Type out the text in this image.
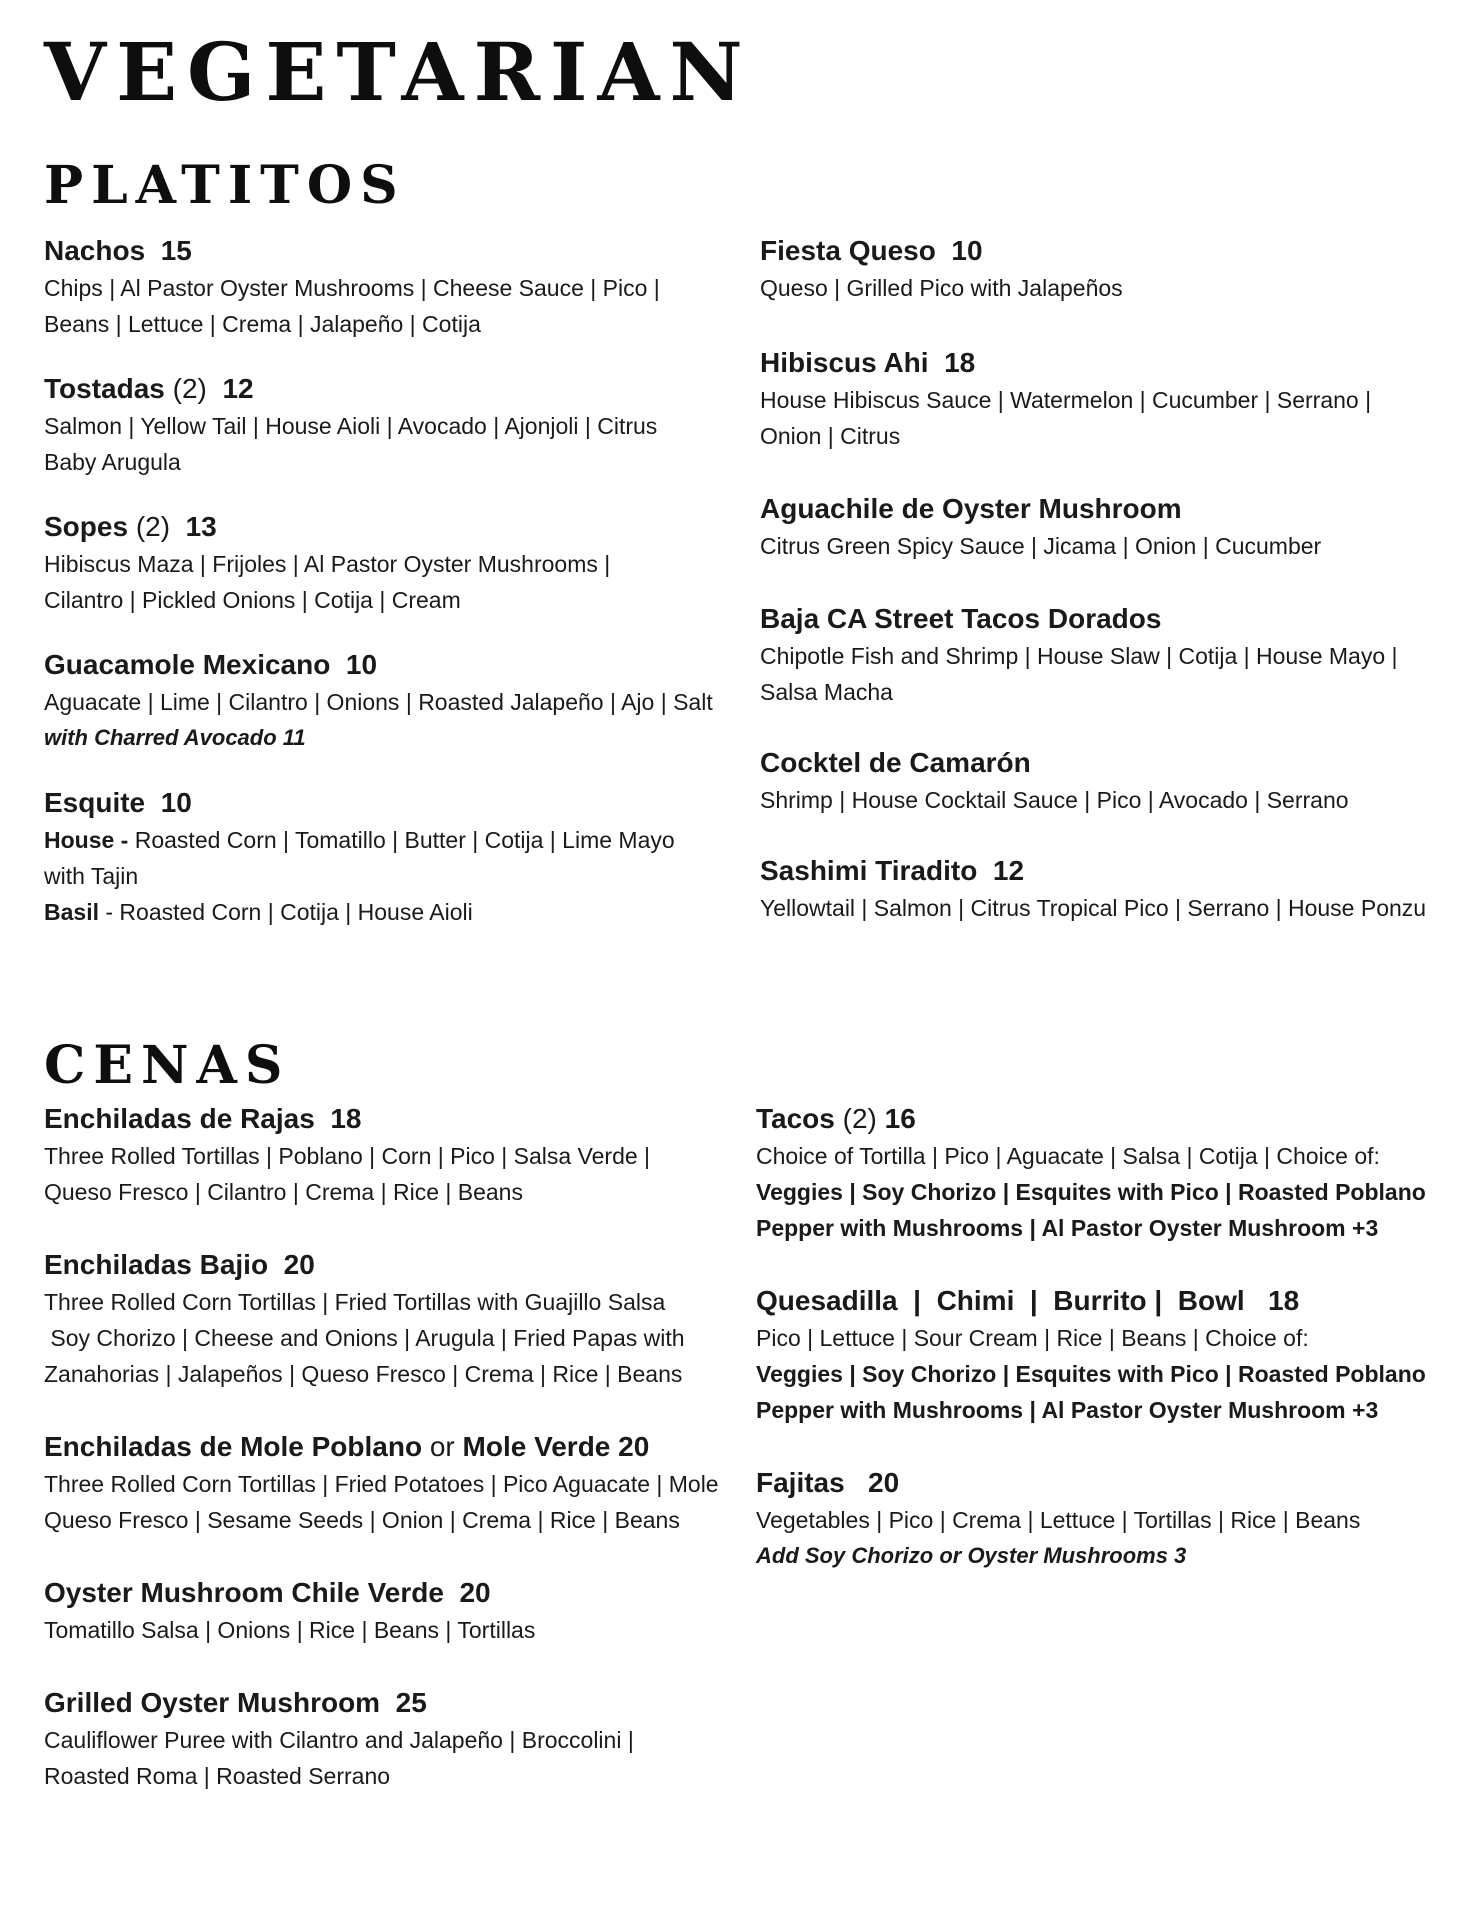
VEGETARIAN
PLATITOS

Nachos 15

Chips | Al Pastor Oyster Mushrooms | Cheese Sauce | Pico |

Beans | Lettuce | Crema | Jalapeño | Cotija

Tostadas (2) 12

Salmon | Yellow Tail | House Aioli | Avocado | Ajonjoli | Citrus

Baby Arugula

Sopes (2) 13

Hibiscus Maza | Frijoles | Al Pastor Oyster Mushrooms |

Cilantro | Pickled Onions | Cotija | Cream

Guacamole Mexicano 10

Aguacate | Lime | Cilantro | Onions | Roasted Jalapeño | Ajo | Salt

with Charred Avocado 11

Esquite 10

House - Roasted Corn | Tomatillo | Butter | Cotija | Lime Mayo

with Tajin

Basil - Roasted Corn | Cotija | House Aioli

Fiesta Queso 10

Queso | Grilled Pico with Jalapeños

Hibiscus Ahi 18

House Hibiscus Sauce | Watermelon | Cucumber | Serrano |

Onion | Citrus

Aguachile de Oyster Mushroom

Citrus Green Spicy Sauce | Jicama | Onion | Cucumber

Baja CA Street Tacos Dorados

Chipotle Fish and Shrimp | House Slaw | Cotija | House Mayo |

Salsa Macha

Cocktel de Camarón

Shrimp | House Cocktail Sauce | Pico | Avocado | Serrano

Sashimi Tiradito 12

Yellowtail | Salmon | Citrus Tropical Pico | Serrano | House Ponzu

CENAS

Enchiladas de Rajas 18

Three Rolled Tortillas | Poblano | Corn | Pico | Salsa Verde |

Queso Fresco | Cilantro | Crema | Rice | Beans

Enchiladas Bajio 20

Three Rolled Corn Tortillas | Fried Tortillas with Guajillo Salsa

Soy Chorizo | Cheese and Onions | Arugula | Fried Papas with

Zanahorias | Jalapeños | Queso Fresco | Crema | Rice | Beans

Enchiladas de Mole Poblano or Mole Verde 20

Three Rolled Corn Tortillas | Fried Potatoes | Pico Aguacate | Mole

Queso Fresco | Sesame Seeds | Onion | Crema | Rice | Beans

Oyster Mushroom Chile Verde 20

Tomatillo Salsa | Onions | Rice | Beans | Tortillas

Grilled Oyster Mushroom 25

Cauliflower Puree with Cilantro and Jalapeño | Broccolini |

Roasted Roma | Roasted Serrano

Tacos (2) 16

Choice of Tortilla | Pico | Aguacate | Salsa | Cotija | Choice of:

Veggies | Soy Chorizo | Esquites with Pico | Roasted Poblano

Pepper with Mushrooms | Al Pastor Oyster Mushroom +3

Quesadilla  |  Chimi  |  Burrito |  Bowl 18

Pico | Lettuce | Sour Cream | Rice | Beans | Choice of:

Veggies | Soy Chorizo | Esquites with Pico | Roasted Poblano

Pepper with Mushrooms | Al Pastor Oyster Mushroom +3

Fajitas 20

Vegetables | Pico | Crema | Lettuce | Tortillas | Rice | Beans

Add Soy Chorizo or Oyster Mushrooms 3
